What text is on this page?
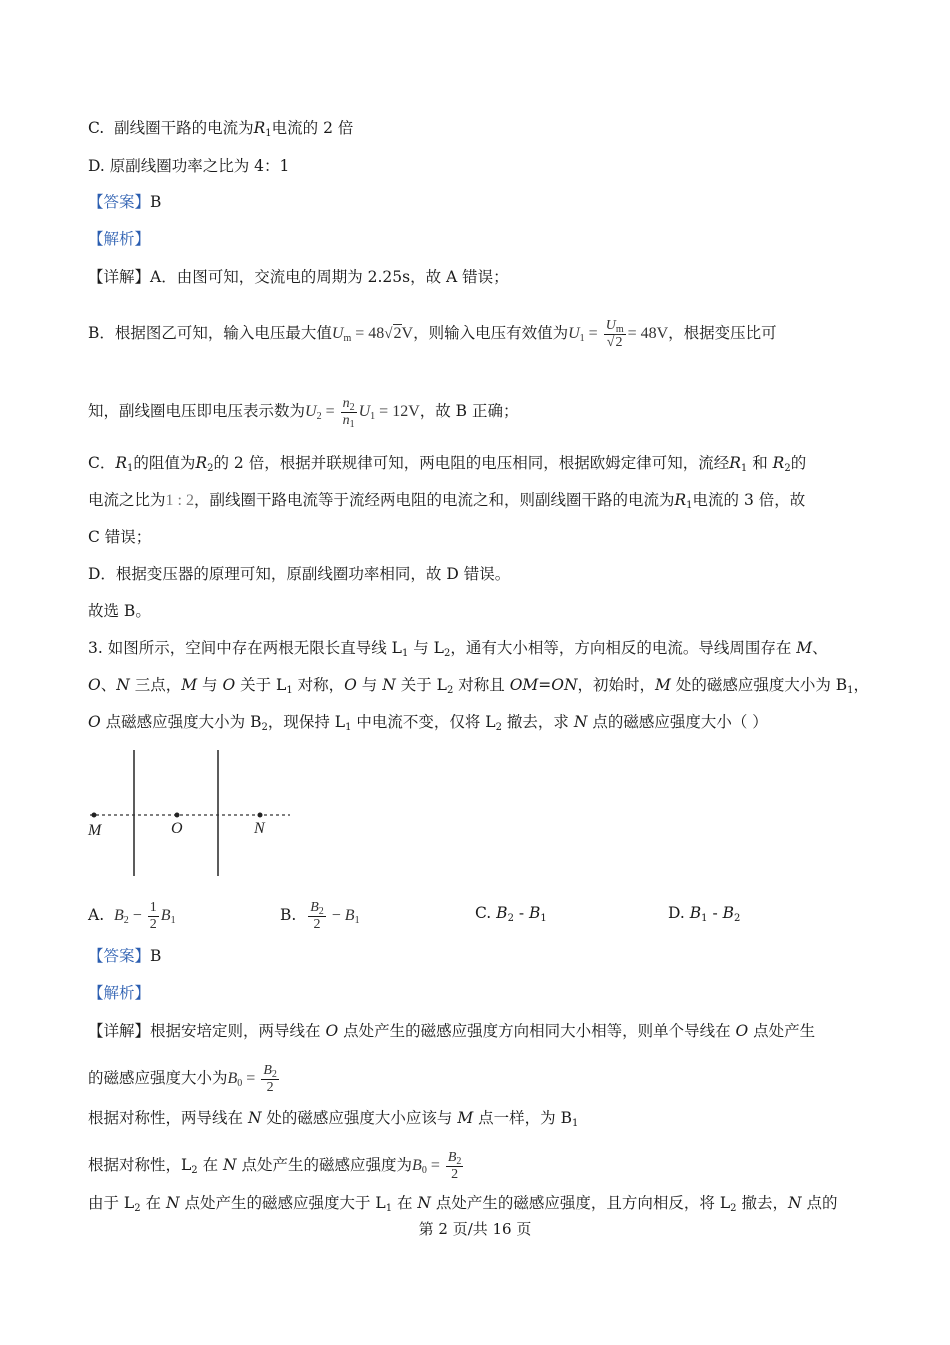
C. 副线圈干路的电流为$R_1$电流的 2 倍
D. 原副线圈功率之比为 4：1
【答案】B
【解析】
【详解】A．由图可知，交流电的周期为 2.25s，故 A 错误；
B．根据图乙可知，输入电压最大值$U_m = 48√2V$，则输入电压有效值为$U_1 = \frac{U_m}{√2} = 48V$，根据变压比可
知，副线圈电压即电压表示数为$U_2 = \frac{n_2}{n_1} U_1 = 12V$，故 B 正确；
C．$R_1$的阻值为$R_2$的 2 倍，根据并联规律可知，两电阻的电压相同，根据欧姆定律可知，流经$R_1$ 和 $R_2$的
电流之比为1 : 2，副线圈干路电流等于流经两电阻的电流之和，则副线圈干路的电流为$R_1$电流的 3 倍，故
C 错误；
D．根据变压器的原理可知，原副线圈功率相同，故 D 错误。
故选 B。
3. 如图所示，空间中存在两根无限长直导线 $L_1$ 与 $L_2$，通有大小相等，方向相反的电流。导线周围存在 M、
O、N 三点，M 与 O 关于 $L_1$ 对称，O 与 N 关于 $L_2$ 对称且 OM=ON，初始时，M 处的磁感应强度大小为 $B_1$，
O 点磁感应强度大小为 $B_2$，现保持 $L_1$ 中电流不变，仅将 $L_2$ 撤去，求 N 点的磁感应强度大小（ ）
M	O	N
A. $B_2 - \frac{1}{2} B_1$	B. $\frac{B_2}{2} - B_1$	C. $B_2 - B_1$	D. $B_1 - B_2$
【答案】B
【解析】
【详解】根据安培定则，两导线在 O 点处产生的磁感应强度方向相同大小相等，则单个导线在 O 点处产生
的磁感应强度大小为$B_0 = \frac{B_2}{2}$
根据对称性，两导线在 N 处的磁感应强度大小应该与 M 点一样，为 $B_1$
根据对称性，$L_2$ 在 N 点处产生的磁感应强度为$B_0 = \frac{B_2}{2}$
由于 $L_2$ 在 N 点处产生的磁感应强度大于 $L_1$ 在 N 点处产生的磁感应强度，且方向相反，将 $L_2$ 撤去，N 点的
第 2 页/共 16 页
